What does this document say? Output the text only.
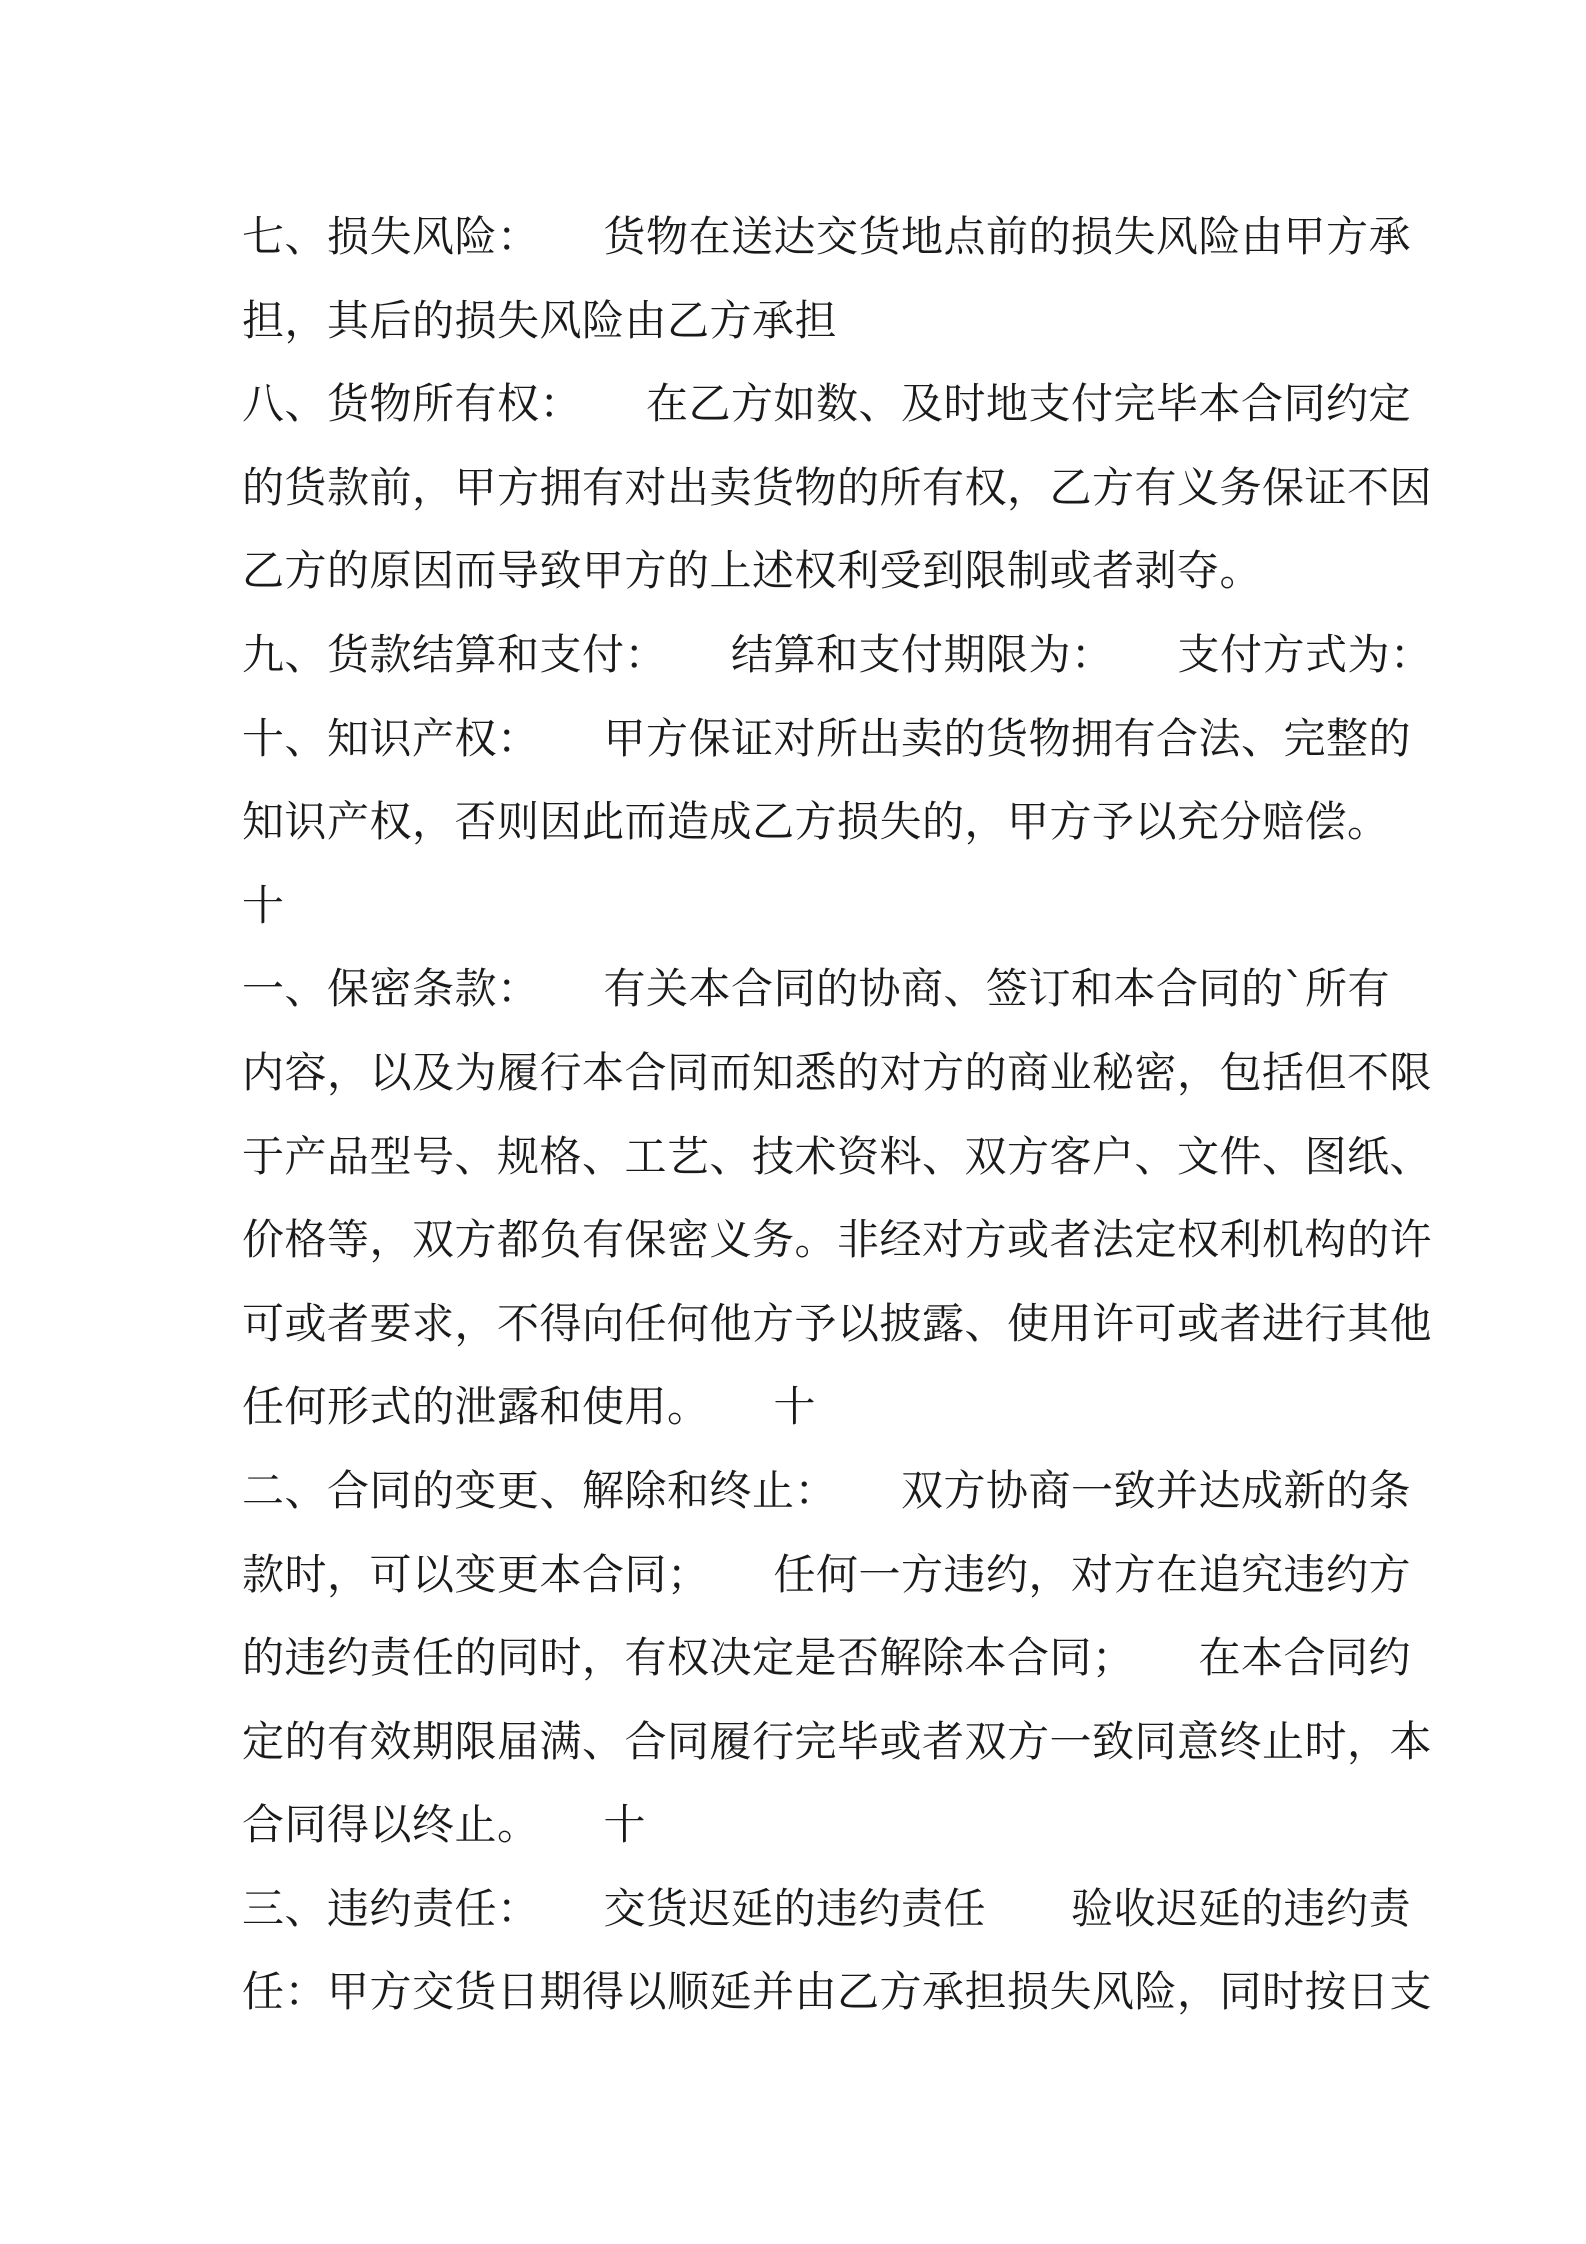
七、损失风险：　　货物在送达交货地点前的损失风险由甲方承
担，其后的损失风险由乙方承担
八、货物所有权：　　在乙方如数、及时地支付完毕本合同约定
的货款前，甲方拥有对出卖货物的所有权，乙方有义务保证不因
乙方的原因而导致甲方的上述权利受到限制或者剥夺。
九、货款结算和支付：　　结算和支付期限为：　　支付方式为：
十、知识产权：　　甲方保证对所出卖的货物拥有合法、完整的
知识产权，否则因此而造成乙方损失的，甲方予以充分赔偿。
十
一、保密条款：　　有关本合同的协商、签订和本合同的`所有
内容，以及为履行本合同而知悉的对方的商业秘密，包括但不限
于产品型号、规格、工艺、技术资料、双方客户、文件、图纸、
价格等，双方都负有保密义务。非经对方或者法定权利机构的许
可或者要求，不得向任何他方予以披露、使用许可或者进行其他
任何形式的泄露和使用。　　十
二、合同的变更、解除和终止：　　双方协商一致并达成新的条
款时，可以变更本合同；　　任何一方违约，对方在追究违约方
的违约责任的同时，有权决定是否解除本合同；　　在本合同约
定的有效期限届满、合同履行完毕或者双方一致同意终止时，本
合同得以终止。　　十
三、违约责任：　　交货迟延的违约责任　　验收迟延的违约责
任：甲方交货日期得以顺延并由乙方承担损失风险，同时按日支
